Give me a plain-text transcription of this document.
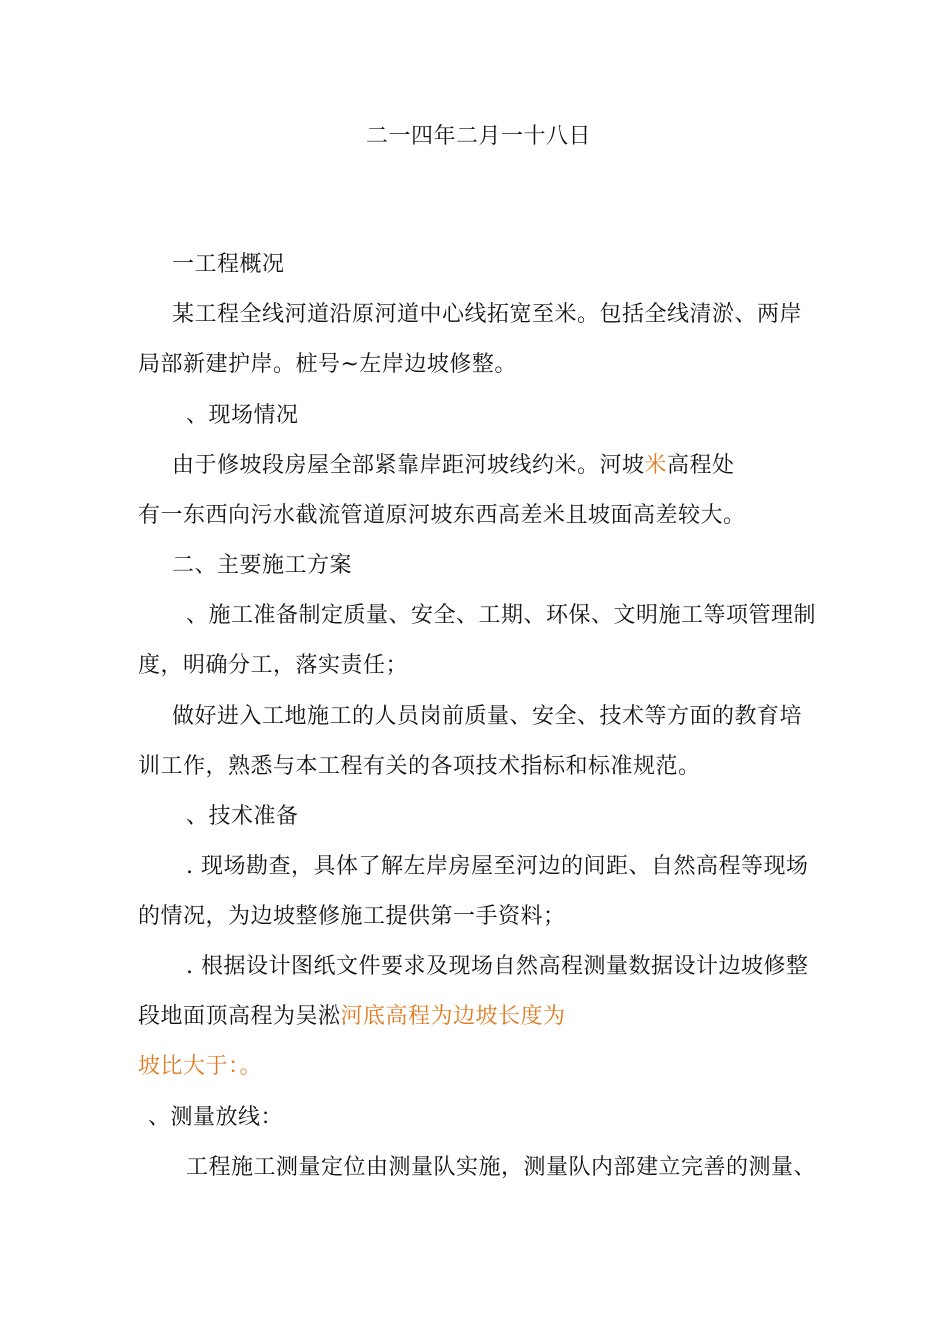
二一四年二月一十八日
一工程概况
某工程全线河道沿原河道中心线拓宽至米。包括全线清淤、两岸
局部新建护岸。桩号~左岸边坡修整。
、现场情况
由于修坡段房屋全部紧靠岸距河坡线约米。河坡米高程处
有一东西向污水截流管道原河坡东西高差米且坡面高差较大。
二、主要施工方案
、施工准备制定质量、安全、工期、环保、文明施工等项管理制
度，明确分工，落实责任；
做好进入工地施工的人员岗前质量、安全、技术等方面的教育培
训工作，熟悉与本工程有关的各项技术指标和标准规范。
、技术准备
. 现场勘查，具体了解左岸房屋至河边的间距、自然高程等现场
的情况，为边坡整修施工提供第一手资料；
. 根据设计图纸文件要求及现场自然高程测量数据设计边坡修整
段地面顶高程为吴淞河底高程为边坡长度为
坡比大于：。
、测量放线：
工程施工测量定位由测量队实施，测量队内部建立完善的测量、
